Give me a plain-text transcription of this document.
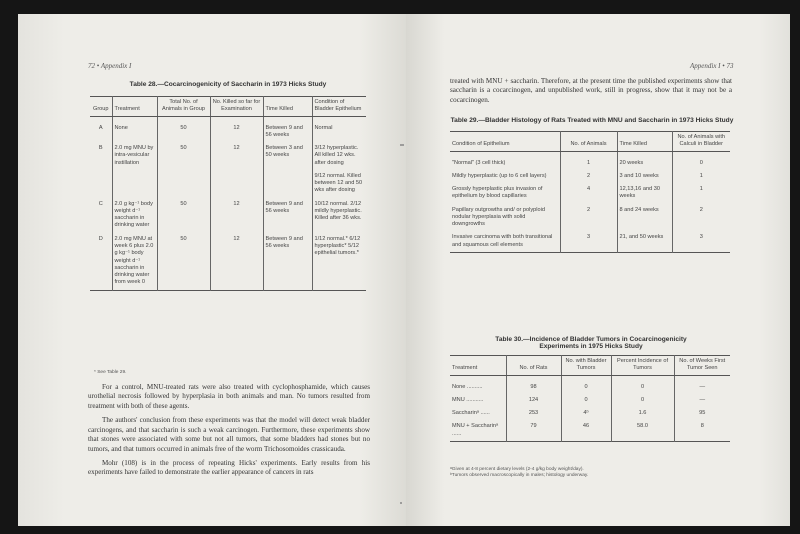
72 • Appendix I
Table 28.—Cocarcinogenicity of Saccharin in 1973 Hicks Study
Group	Treatment	Total No. of Animals in Group	No. Killed so far for Examination	Time Killed	Condition of Bladder Epithelium
A	None	50	12	Between 9 and 56 weeks	Normal
B	2.0 mg MNU by intra-vesicular instillation	50	12	Between 3 and 50 weeks	3/12 hyperplastic. All killed 12 wks. after dosing
					9/12 normal. Killed between 12 and 50 wks after dosing
C	2.0 g kg⁻¹ body weight d⁻¹ saccharin in drinking water	50	12	Between 9 and 56 weeks	10/12 normal. 2/12 mildly hyperplastic. Killed after 36 wks.
D	2.0 mg MNU at week 6 plus 2.0 g kg⁻¹ body weight d⁻¹ saccharin in drinking water from week 0	50	12	Between 9 and 56 weeks	1/12 normal.* 6/12 hyperplastic* 5/12 epithelial tumors.*
* See Table 29.

For a control, MNU-treated rats were also treated with cyclophosphamide, which causes urothelial necrosis followed by hyperplasia in both animals and man. No tumors resulted from treatment with both of these agents.

The authors' conclusion from these experiments was that the model will detect weak bladder carcinogens, and that saccharin is such a weak carcinogen. Furthermore, these experiments show that stones were associated with some but not all tumors, that some bladders had stones but no tumors, and that tumors occurred in animals free of the worm Trichosomoides crassicauda.

Mohr (108) is in the process of repeating Hicks' experiments. Early results from his experiments have failed to demonstrate the earlier appearance of cancers in rats

Appendix I • 73

treated with MNU + saccharin. Therefore, at the present time the published experiments show that saccharin is a cocarcinogen, and unpublished work, still in progress, show that it may not be a cocarcinogen.

Table 29.—Bladder Histology of Rats Treated with MNU and Saccharin in 1973 Hicks Study
Condition of Epithelium	No. of Animals	Time Killed	No. of Animals with Calculi in Bladder
"Normal" (3 cell thick)	1	20 weeks	0
Mildly hyperplastic (up to 6 cell layers)	2	3 and 10 weeks	1
Grossly hyperplastic plus invasion of epithelium by blood capillaries	4	12,13,16 and 30 weeks	1
Papillary outgrowths and/ or polyploid nodular hyperplasia with solid downgrowths	2	8 and 24 weeks	2
Invasive carcinoma with both transitional and squamous cell elements	3	21, and 50 weeks	3
Table 30.—Incidence of Bladder Tumors in Cocarcinogenicity Experiments in 1975 Hicks Study
Treatment	No. of Rats	No. with Bladder Tumors	Percent Incidence of Tumors	No. of Weeks First Tumor Seen
None ..........	98	0	0	—
MNU ...........	124	0	0	—
Saccharinᵃ ......	253	4ᵇ	1.6	95
MNU + Saccharinᵃ ......	79	46	58.0	8
ᵃGiven at 4-8 percent dietary levels (2-4 g/kg body weight/day).
ᵇTumors observed macroscopically in males; histology underway.
